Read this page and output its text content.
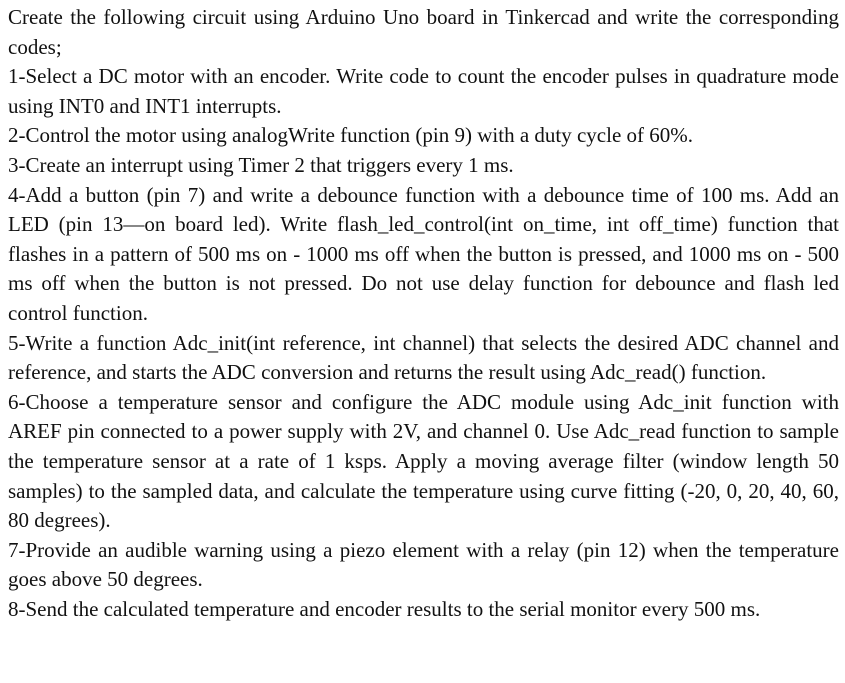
Create the following circuit using Arduino Uno board in Tinkercad and write the corresponding codes;

1-Select a DC motor with an encoder. Write code to count the encoder pulses in quadrature mode using INT0 and INT1 interrupts.

2-Control the motor using analogWrite function (pin 9) with a duty cycle of 60%.

3-Create an interrupt using Timer 2 that triggers every 1 ms.

4-Add a button (pin 7) and write a debounce function with a debounce time of 100 ms. Add an LED (pin 13—on board led). Write flash_led_control(int on_time, int off_time) function that flashes in a pattern of 500 ms on - 1000 ms off when the button is pressed, and 1000 ms on - 500 ms off when the button is not pressed. Do not use delay function for debounce and flash led control function.

5-Write a function Adc_init(int reference, int channel) that selects the desired ADC channel and reference, and starts the ADC conversion and returns the result using Adc_read() function.

6-Choose a temperature sensor and configure the ADC module using Adc_init function with AREF pin connected to a power supply with 2V, and channel 0. Use Adc_read function to sample the temperature sensor at a rate of 1 ksps. Apply a moving average filter (window length 50 samples) to the sampled data, and calculate the temperature using curve fitting (-20, 0, 20, 40, 60, 80 degrees).

7-Provide an audible warning using a piezo element with a relay (pin 12) when the temperature goes above 50 degrees.

8-Send the calculated temperature and encoder results to the serial monitor every 500 ms.
